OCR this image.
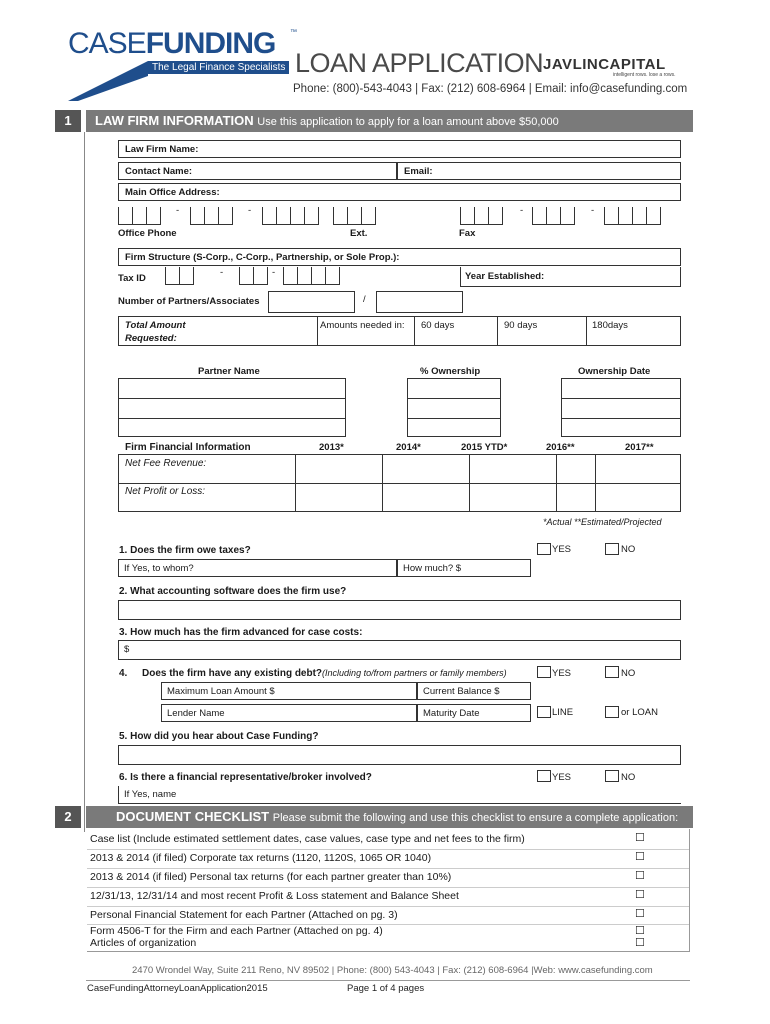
CASEFUNDING ™
The Legal Finance Specialists LOAN APPLICATION JAVLINCAPITAL
intelligent rows. lose a rows.
Phone: (800)-543-4043 | Fax: (212) 608-6964 | Email: info@casefunding.com
1	LAW FIRM INFORMATION Use this application to apply for a loan amount above $50,000
Law Firm Name:
Contact Name:	Email:
Main Office Address:
-	-	-	-
Office Phone	Ext.	Fax
Firm Structure (S-Corp., C-Corp., Partnership, or Sole Prop.):
Tax ID
-	-	Year Established:
Number of Partners/Associates	/
Total Amount
Requested:
Amounts needed in: 60 days	90 days	180days
Partner Name	% Ownership	Ownership Date
Firm Financial Information	2013*	2014*	2015 YTD*	2016**	2017**
Net Fee Revenue:
Net Profit or Loss:
*Actual **Estimated/Projected
1. Does the firm owe taxes?	YES	NO
If Yes, to whom?	How much? $
2. What accounting software does the firm use?
3. How much has the firm advanced for case costs:
$
4. Does the firm have any existing debt?(Including to/from partners or family members)	YES	NO
Maximum Loan Amount $	Current Balance $
Lender Name	Maturity Date	LINE	or LOAN
5. How did you hear about Case Funding?
6. Is there a financial representative/broker involved?	YES	NO
If Yes, name
2	DOCUMENT CHECKLIST Please submit the following and use this checklist to ensure a complete application:
Case list (Include estimated settlement dates, case values, case type and net fees to the firm)	☐
2013 & 2014 (if filed) Corporate tax returns (1120, 1120S, 1065 OR 1040)	☐
2013 & 2014 (if filed) Personal tax returns (for each partner greater than 10%)	☐
12/31/13, 12/31/14 and most recent Profit & Loss statement and Balance Sheet	☐
Personal Financial Statement for each Partner (Attached on pg. 3)	☐
Form 4506-T for the Firm and each Partner (Attached on pg. 4)	☐
Articles of organization	☐
2470 Wrondel Way, Suite 211 Reno, NV 89502 | Phone: (800) 543-4043 | Fax: (212) 608-6964 |Web: www.casefunding.com
CaseFundingAttorneyLoanApplication2015	Page 1 of 4 pages
